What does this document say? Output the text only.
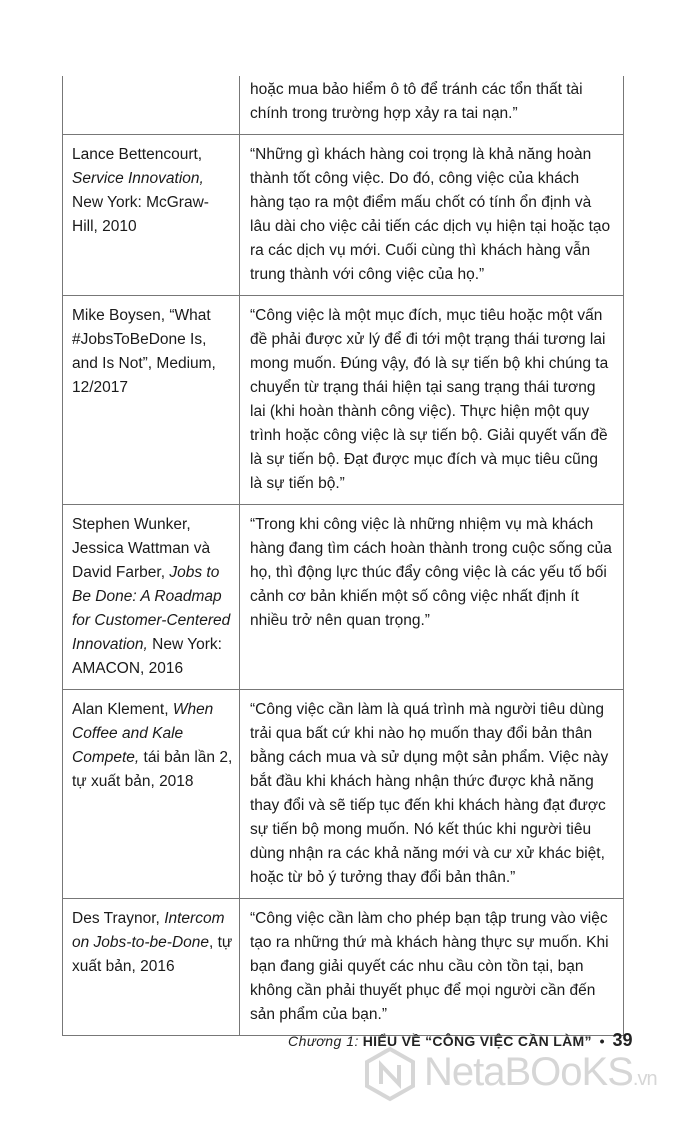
	hoặc mua bảo hiểm ô tô để tránh các tổn thất tài chính trong trường hợp xảy ra tai nạn.”
Lance Bettencourt, Service Innovation, New York: McGraw-Hill, 2010	“Những gì khách hàng coi trọng là khả năng hoàn thành tốt công việc. Do đó, công việc của khách hàng tạo ra một điểm mấu chốt có tính ổn định và lâu dài cho việc cải tiến các dịch vụ hiện tại hoặc tạo ra các dịch vụ mới. Cuối cùng thì khách hàng vẫn trung thành với công việc của họ.”
Mike Boysen, “What #JobsToBeDone Is, and Is Not”, Medium, 12/2017	“Công việc là một mục đích, mục tiêu hoặc một vấn đề phải được xử lý để đi tới một trạng thái tương lai mong muốn. Đúng vậy, đó là sự tiến bộ khi chúng ta chuyển từ trạng thái hiện tại sang trạng thái tương lai (khi hoàn thành công việc). Thực hiện một quy trình hoặc công việc là sự tiến bộ. Giải quyết vấn đề là sự tiến bộ. Đạt được mục đích và mục tiêu cũng là sự tiến bộ.”
Stephen Wunker, Jessica Wattman và David Farber, Jobs to Be Done: A Roadmap for Customer-Centered Innovation, New York: AMACON, 2016	“Trong khi công việc là những nhiệm vụ mà khách hàng đang tìm cách hoàn thành trong cuộc sống của họ, thì động lực thúc đẩy công việc là các yếu tố bối cảnh cơ bản khiến một số công việc nhất định ít nhiều trở nên quan trọng.”
Alan Klement, When Coffee and Kale Compete, tái bản lần 2, tự xuất bản, 2018	“Công việc cần làm là quá trình mà người tiêu dùng trải qua bất cứ khi nào họ muốn thay đổi bản thân bằng cách mua và sử dụng một sản phẩm. Việc này bắt đầu khi khách hàng nhận thức được khả năng thay đổi và sẽ tiếp tục đến khi khách hàng đạt được sự tiến bộ mong muốn. Nó kết thúc khi người tiêu dùng nhận ra các khả năng mới và cư xử khác biệt, hoặc từ bỏ ý tưởng thay đổi bản thân.”
Des Traynor, Intercom on Jobs-to-be-Done, tự xuất bản, 2016	“Công việc cần làm cho phép bạn tập trung vào việc tạo ra những thứ mà khách hàng thực sự muốn. Khi bạn đang giải quyết các nhu cầu còn tồn tại, bạn không cần phải thuyết phục để mọi người cần đến sản phẩm của bạn.”
Chương 1: HIỂU VỀ “CÔNG VIỆC CẦN LÀM” • 39
NetaBOoKS.vn
